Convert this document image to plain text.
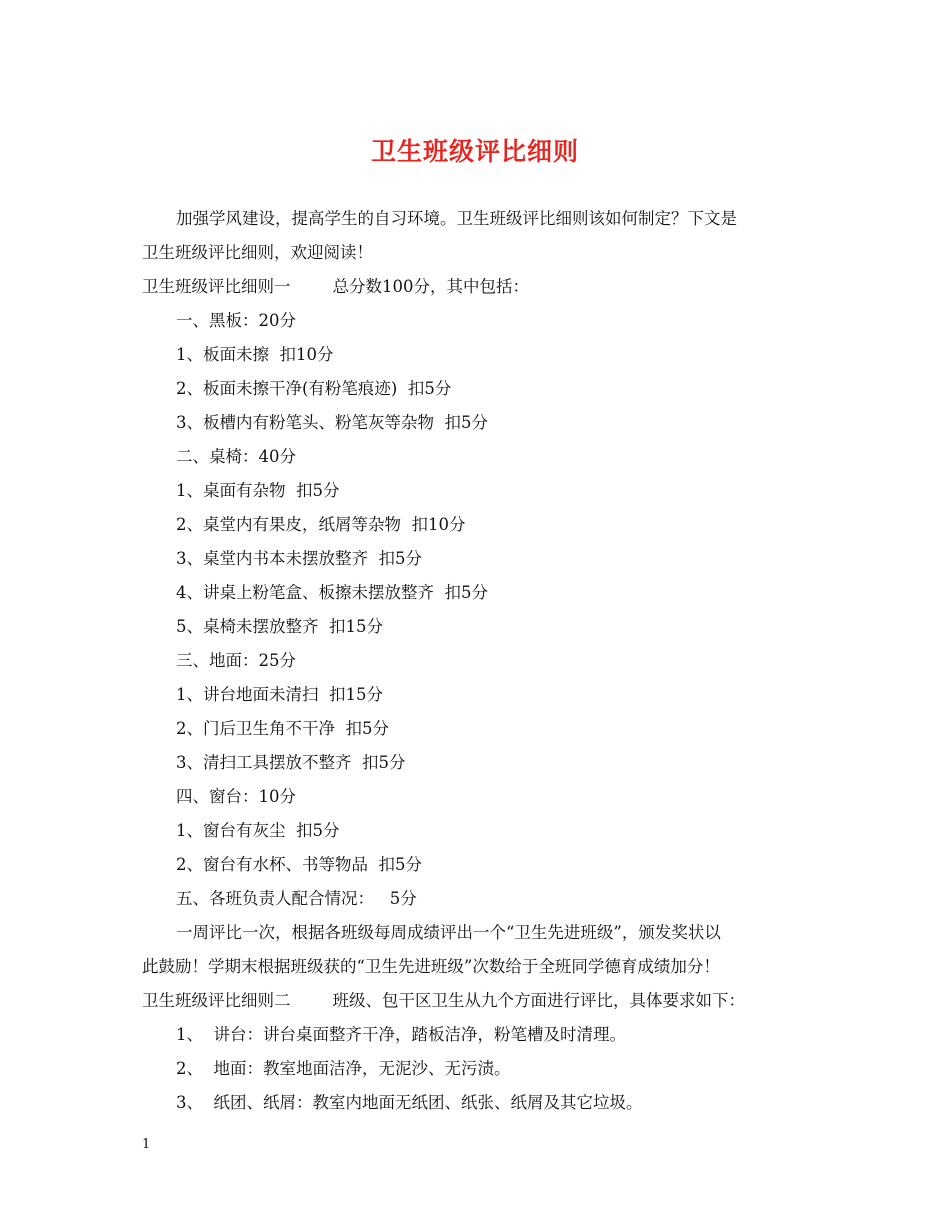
卫生班级评比细则
加强学风建设，提高学生的自习环境。卫生班级评比细则该如何制定？下文是
卫生班级评比细则，欢迎阅读！
卫生班级评比细则一	总分数100分，其中包括：
一、黑板：20分
1、板面未擦  扣10分
2、板面未擦干净(有粉笔痕迹)  扣5分
3、板槽内有粉笔头、粉笔灰等杂物  扣5分
二、桌椅：40分
1、桌面有杂物  扣5分
2、桌堂内有果皮，纸屑等杂物  扣10分
3、桌堂内书本未摆放整齐  扣5分
4、讲桌上粉笔盒、板擦未摆放整齐  扣5分
5、桌椅未摆放整齐  扣15分
三、地面：25分
1、讲台地面未清扫  扣15分
2、门后卫生角不干净  扣5分
3、清扫工具摆放不整齐  扣5分
四、窗台：10分
1、窗台有灰尘  扣5分
2、窗台有水杯、书等物品  扣5分
五、各班负责人配合情况：   5分
一周评比一次，根据各班级每周成绩评出一个“卫生先进班级”，颁发奖状以
此鼓励！学期末根据班级获的“卫生先进班级”次数给于全班同学德育成绩加分！
卫生班级评比细则二	班级、包干区卫生从九个方面进行评比，具体要求如下：
1、  讲台：讲台桌面整齐干净，踏板洁净，粉笔槽及时清理。
2、  地面：教室地面洁净，无泥沙、无污渍。
3、  纸团、纸屑：教室内地面无纸团、纸张、纸屑及其它垃圾。
1
